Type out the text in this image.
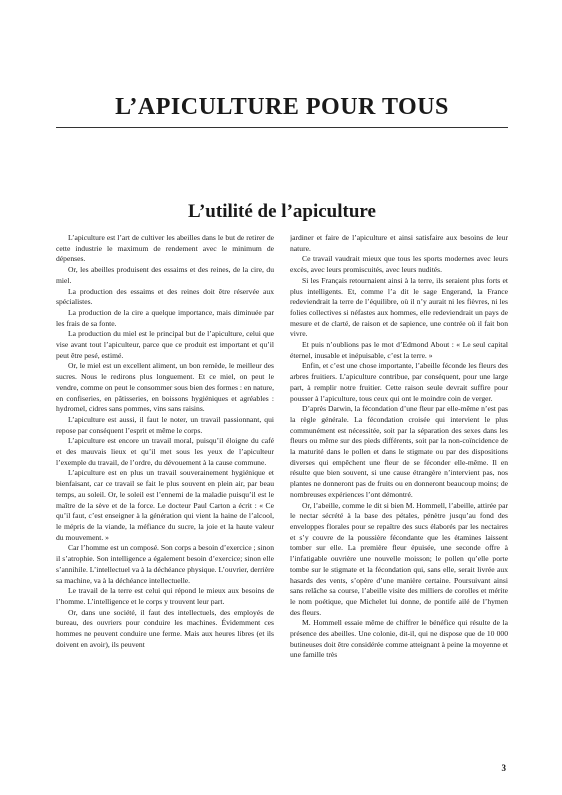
L’APICULTURE POUR TOUS
L’utilité de l’apiculture

L’apiculture est l’art de cultiver les abeilles dans le but de retirer de cette industrie le maximum de rendement avec le minimum de dépenses.

Or, les abeilles produisent des essaims et des reines, de la cire, du miel.

La production des essaims et des reines doit être réservée aux spécialistes.

La production de la cire a quelque importance, mais diminuée par les frais de sa fonte.

La production du miel est le principal but de l’apiculture, celui que vise avant tout l’apiculteur, parce que ce produit est important et qu’il peut être pesé, estimé.

Or, le miel est un excellent aliment, un bon remède, le meilleur des sucres. Nous le redirons plus longuement. Et ce miel, on peut le vendre, comme on peut le consommer sous bien des formes : en nature, en confiseries, en pâtisseries, en boissons hygiéniques et agréables : hydromel, cidres sans pommes, vins sans raisins.

L’apiculture est aussi, il faut le noter, un travail passionnant, qui repose par conséquent l’esprit et même le corps.

L’apiculture est encore un travail moral, puisqu’il éloigne du café et des mauvais lieux et qu’il met sous les yeux de l’apiculteur l’exemple du travail, de l’ordre, du dévouement à la cause commune.

L’apiculture est en plus un travail souverainement hygiénique et bienfaisant, car ce travail se fait le plus souvent en plein air, par beau temps, au soleil. Or, le soleil est l’ennemi de la maladie puisqu’il est le maître de la sève et de la force. Le docteur Paul Carton a écrit : « Ce qu’il faut, c’est enseigner à la génération qui vient la haine de l’alcool, le mépris de la viande, la méfiance du sucre, la joie et la haute valeur du mouvement. »

Car l’homme est un composé. Son corps a besoin d’exercice ; sinon il s’atrophie. Son intelligence a également besoin d’exercice; sinon elle s’annihile. L’intellectuel va à la déchéance physique. L’ouvrier, derrière sa machine, va à la déchéance intellectuelle.

Le travail de la terre est celui qui répond le mieux aux besoins de l’homme. L’intelligence et le corps y trouvent leur part.

Or, dans une société, il faut des intellectuels, des employés de bureau, des ouvriers pour conduire les machines. Évidemment ces hommes ne peuvent conduire une ferme. Mais aux heures libres (et ils doivent en avoir), ils peuvent

jardiner et faire de l’apiculture et ainsi satisfaire aux besoins de leur nature.

Ce travail vaudrait mieux que tous les sports modernes avec leurs excès, avec leurs promiscuités, avec leurs nudités.

Si les Français retournaient ainsi à la terre, ils seraient plus forts et plus intelligents. Et, comme l’a dit le sage Engerand, la France redeviendrait la terre de l’équilibre, où il n’y aurait ni les fièvres, ni les folies collectives si néfastes aux hommes, elle redeviendrait un pays de mesure et de clarté, de raison et de sapience, une contrée où il fait bon vivre.

Et puis n’oublions pas le mot d’Edmond About : « Le seul capital éternel, inusable et inépuisable, c’est la terre. »

Enfin, et c’est une chose importante, l’abeille féconde les fleurs des arbres fruitiers. L’apiculture contribue, par conséquent, pour une large part, à remplir notre fruitier. Cette raison seule devrait suffire pour pousser à l’apiculture, tous ceux qui ont le moindre coin de verger.

D’après Darwin, la fécondation d’une fleur par elle-même n’est pas la règle générale. La fécondation croisée qui intervient le plus communément est nécessitée, soit par la séparation des sexes dans les fleurs ou même sur des pieds différents, soit par la non-coïncidence de la maturité dans le pollen et dans le stigmate ou par des dispositions diverses qui empêchent une fleur de se féconder elle-même. Il en résulte que bien souvent, si une cause étrangère n’intervient pas, nos plantes ne donneront pas de fruits ou en donneront beaucoup moins; de nombreuses expériences l’ont démontré.

Or, l’abeille, comme le dit si bien M. Hommell, l’abeille, attirée par le nectar sécrété à la base des pétales, pénètre jusqu’au fond des enveloppes florales pour se repaître des sucs élaborés par les nectaires et s’y couvre de la poussière fécondante que les étamines laissent tomber sur elle. La première fleur épuisée, une seconde offre à l’infatigable ouvrière une nouvelle moisson; le pollen qu’elle porte tombe sur le stigmate et la fécondation qui, sans elle, serait livrée aux hasards des vents, s’opère d’une manière certaine. Poursuivant ainsi sans relâche sa course, l’abeille visite des milliers de corolles et mérite le nom poétique, que Michelet lui donne, de pontife ailé de l’hymen des fleurs.

M. Hommell essaie même de chiffrer le bénéfice qui résulte de la présence des abeilles. Une colonie, dit-il, qui ne dispose que de 10 000 butineuses doit être considérée comme atteignant à peine la moyenne et une famille très

3
